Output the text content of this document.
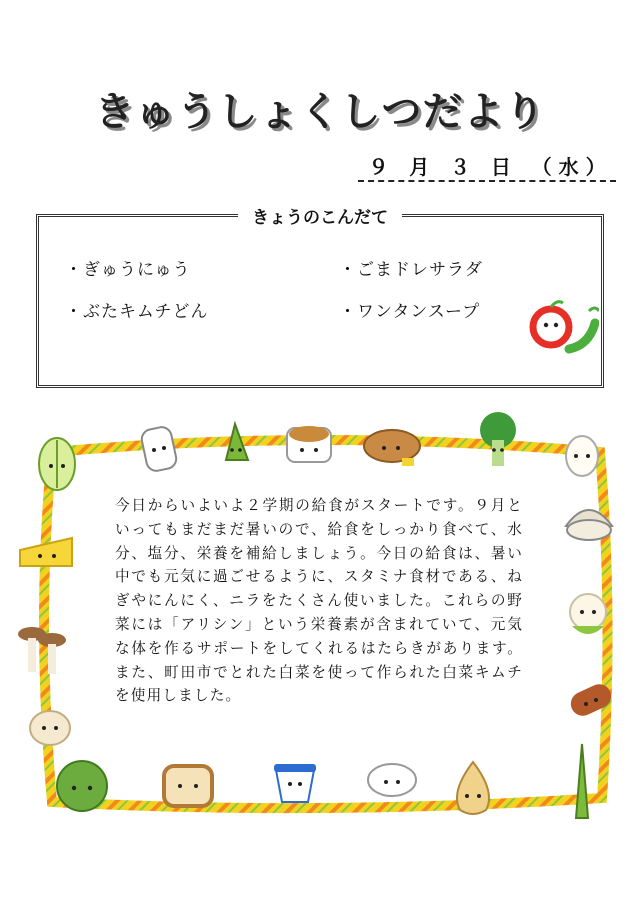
きゅうしょくしつだより
９ 月 ３ 日 （ 水 ）
きょうのこんだて
・ぎゅうにゅう	・ごまドレサラダ
・ぶたキムチどん	・ワンタンスープ
今日からいよいよ２学期の給食がスタートです。９月といってもまだまだ暑いので、給食をしっかり食べて、水分、塩分、栄養を補給しましょう。今日の給食は、暑い中でも元気に過ごせるように、スタミナ食材である、ねぎやにんにく、ニラをたくさん使いました。これらの野菜には「アリシン」という栄養素が含まれていて、元気な体を作るサポートをしてくれるはたらきがあります。また、町田市でとれた白菜を使って作られた白菜キムチを使用しました。
